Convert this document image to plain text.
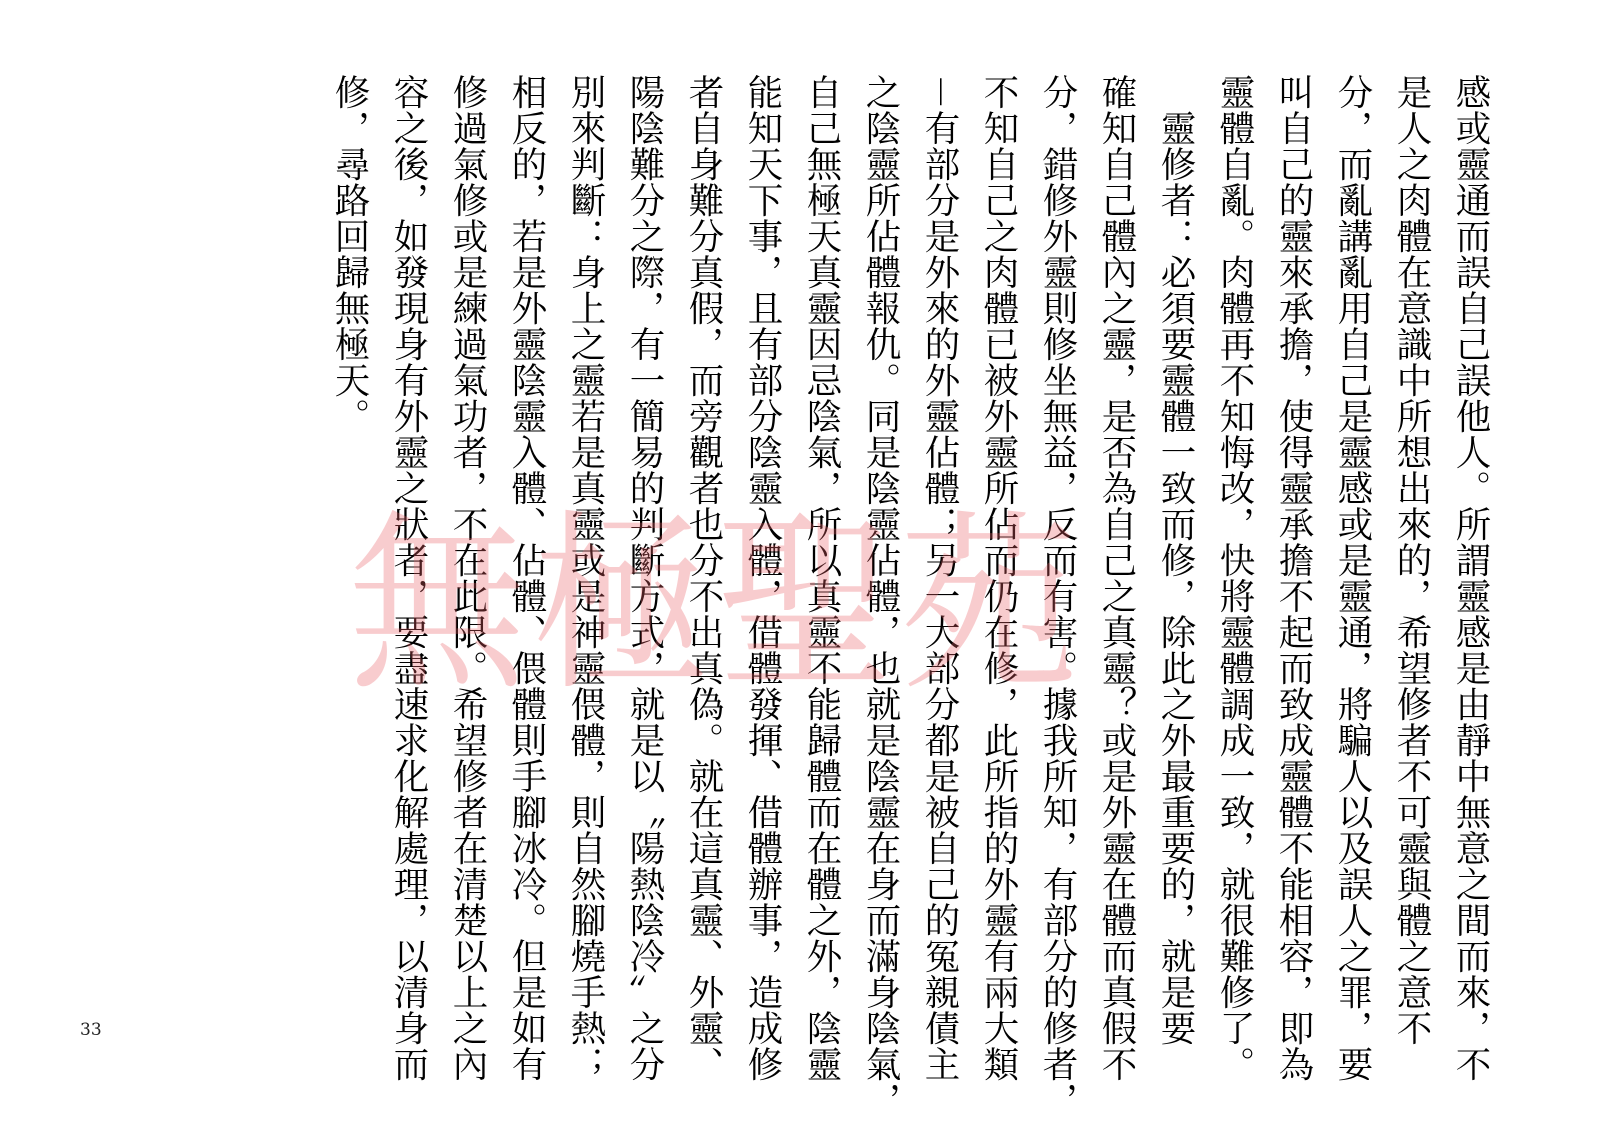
感或靈通而誤自己誤他人。所謂靈感是由靜中無意之間而來，不
是人之肉體在意識中所想出來的，希望修者不可靈與體之意不
分，而亂講亂用自己是靈感或是靈通，將騙人以及誤人之罪，要
叫自己的靈來承擔，使得靈承擔不起而致成靈體不能相容，即為
靈體自亂。肉體再不知悔改，快將靈體調成一致，就很難修了。
　靈修者：必須要靈體一致而修，除此之外最重要的，就是要
確知自己體內之靈，是否為自己之真靈？或是外靈在體而真假不
分，錯修外靈則修坐無益，反而有害。據我所知，有部分的修者，
不知自己之肉體已被外靈所佔而仍在修，此所指的外靈有兩大類
－有部分是外來的外靈佔體；另一大部分都是被自己的冤親債主
之陰靈所佔體報仇。同是陰靈佔體，也就是陰靈在身而滿身陰氣，
自己無極天真靈因忌陰氣，所以真靈不能歸體而在體之外，陰靈
能知天下事，且有部分陰靈入體，借體發揮、借體辦事，造成修
者自身難分真假，而旁觀者也分不出真偽。就在這真靈、外靈、
陽陰難分之際，有一簡易的判斷方式，就是以〝陽熱陰冷〞之分
別來判斷：身上之靈若是真靈或是神靈偎體，則自然腳燒手熱；
相反的，若是外靈陰靈入體、佔體、偎體則手腳冰冷。但是如有
修過氣修或是練過氣功者，不在此限。希望修者在清楚以上之內
容之後，如發現身有外靈之狀者，要盡速求化解處理，以清身而
修，尋路回歸無極天。
無極聖苑
33
